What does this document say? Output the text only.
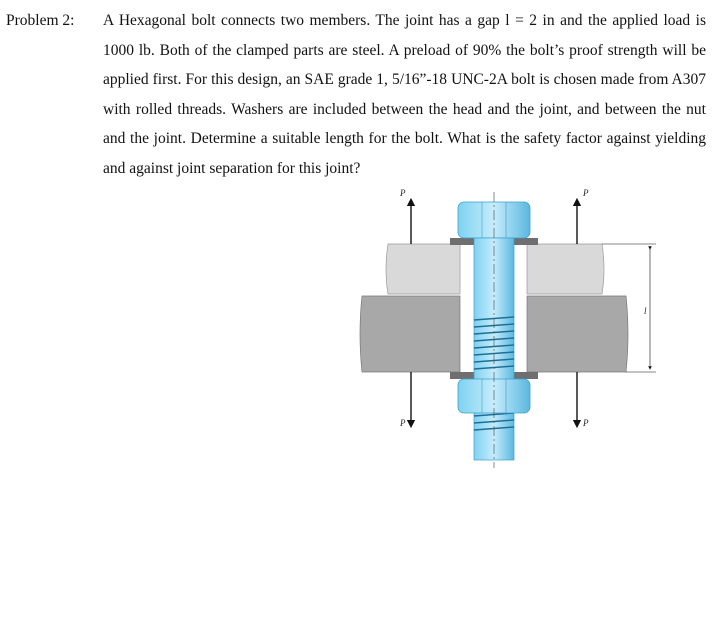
Problem 2: A Hexagonal bolt connects two members. The joint has a gap l = 2 in and the applied load is 1000 lb. Both of the clamped parts are steel. A preload of 90% the bolt’s proof strength will be applied first. For this design, an SAE grade 1, 5/16”-18 UNC-2A bolt is chosen made from A307 with rolled threads. Washers are included between the head and the joint, and between the nut and the joint. Determine a suitable length for the bolt. What is the safety factor against yielding and against joint separation for this joint?
P	P
P	P
l
